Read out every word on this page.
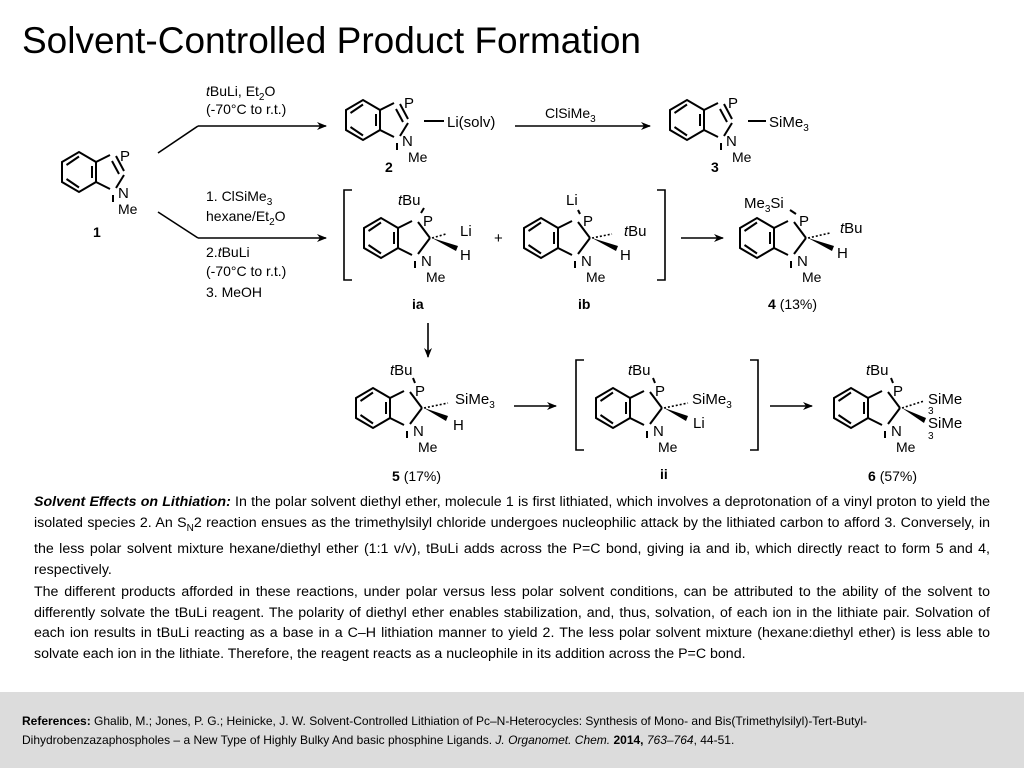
Solvent-Controlled Product Formation
P
N
Me
1
tBuLi, $Et_2O$
(-70°C to r.t.)
1. ClSiMe$_3$
hexane/$Et_2O$
2.tBuLi
(-70°C to r.t.)
3. MeOH
P
N
Me
Li(solv)
2
ClSiMe$_3$
P
N
Me
SiMe$_3$
3
P
N
Me
tBu
Li
H
ia
+
P
N
Me
Li
tBu
H
ib
P
N
Me
$Me_3Si$
tBu
H
4 (13%)
P
N
Me
tBu
SiMe$_3$
H
5 (17%)
P
N
Me
tBu
SiMe$_3$
Li
ii
P
N
Me
tBu
SiMe
3
SiMe
3
6 (57%)
Solvent Effects on Lithiation: In the polar solvent diethyl ether, molecule 1 is first lithiated, which involves a deprotonation of a vinyl proton to yield the isolated species 2. An $S_N2$ reaction ensues as the trimethylsilyl chloride undergoes nucleophilic attack by the lithiated carbon to afford 3. Conversely, in the less polar solvent mixture hexane/diethyl ether (1:1 v/v), tBuLi adds across the P=C bond, giving ia and ib, which directly react to form 5 and 4, respectively.
The different products afforded in these reactions, under polar versus less polar solvent conditions, can be attributed to the ability of the solvent to differently solvate the tBuLi reagent. The polarity of diethyl ether enables stabilization, and, thus, solvation, of each ion in the lithiate pair. Solvation of each ion results in tBuLi reacting as a base in a C–H lithiation manner to yield 2. The less polar solvent mixture (hexane:diethyl ether) is less able to solvate each ion in the lithiate. Therefore, the reagent reacts as a nucleophile in its addition across the P=C bond.
References: Ghalib, M.; Jones, P. G.; Heinicke, J. W. Solvent-Controlled Lithiation of Pc–N-Heterocycles: Synthesis of Mono- and Bis(Trimethylsilyl)-Tert-Butyl-Dihydrobenzazaphospholes – a New Type of Highly Bulky And basic phosphine Ligands. J. Organomet. Chem. 2014, 763–764, 44-51.
